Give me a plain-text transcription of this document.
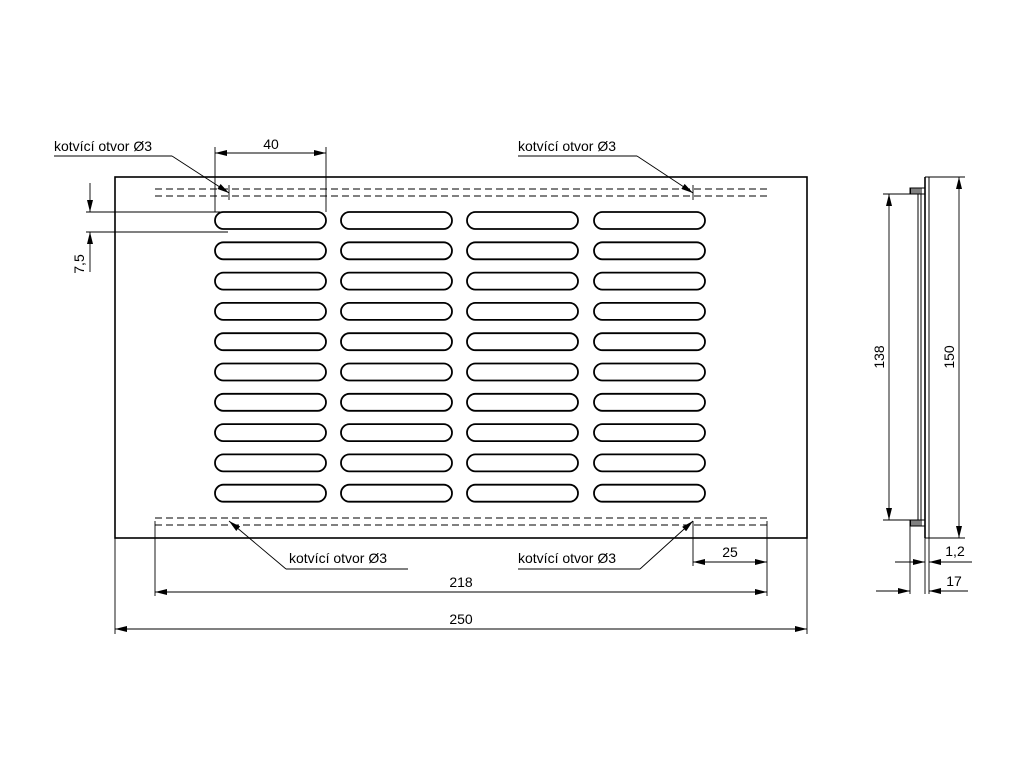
40
7,5
kotvící otvor Ø3	kotvící otvor Ø3
kotvící otvor Ø3	kotvící otvor Ø3	25
218
250
138	150
1,2
17
